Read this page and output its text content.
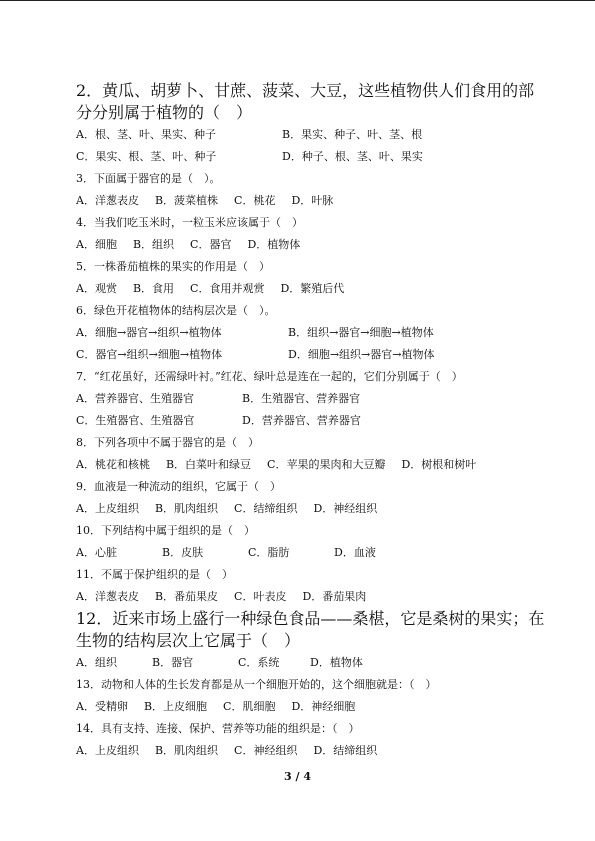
2．黄瓜、胡萝卜、甘蔗、菠菜、大豆，这些植物供人们食用的部分分别属于植物的（　）
A．根、茎、叶、果实、种子	B．果实、种子、叶、茎、根
C．果实、根、茎、叶、种子	D．种子、根、茎、叶、果实
3．下面属于器官的是（　）。
A．洋葱表皮 B．菠菜植株 C．桃花 D．叶脉
4．当我们吃玉米时，一粒玉米应该属于（　）
A．细胞 B．组织 C．器官 D．植物体
5．一株番茄植株的果实的作用是（　）
A．观赏 B．食用 C．食用并观赏 D．繁殖后代
6．绿色开花植物体的结构层次是（　）。
A．细胞→器官→组织→植物体	B．组织→器官→细胞→植物体
C．器官→组织→细胞→植物体	D．细胞→组织→器官→植物体
7．“红花虽好，还需绿叶衬。”红花、绿叶总是连在一起的，它们分别属于（　）
A．营养器官、生殖器官	B．生殖器官、营养器官
C．生殖器官、生殖器官	D．营养器官、营养器官
8．下列各项中不属于器官的是（　）
A．桃花和核桃 B．白菜叶和绿豆 C．苹果的果肉和大豆瓣 D．树根和树叶
9．血液是一种流动的组织，它属于（　）
A．上皮组织 B．肌肉组织 C．结缔组织 D．神经组织
10．下列结构中属于组织的是（　）
A．心脏	B．皮肤	C．脂肪	D．血液
11．不属于保护组织的是（　）
A．洋葱表皮 B．番茄果皮 C．叶表皮 D．番茄果肉
12．近来市场上盛行一种绿色食品——桑椹，它是桑树的果实；在生物的结构层次上它属于（　）
A．组织	B．器官	C．系统	D．植物体
13．动物和人体的生长发育都是从一个细胞开始的，这个细胞就是：（　）
A．受精卵 B．上皮细胞 C．肌细胞 D．神经细胞
14．具有支持、连接、保护、营养等功能的组织是：（　）
A．上皮组织 B．肌肉组织 C．神经组织 D．结缔组织
3 / 4
